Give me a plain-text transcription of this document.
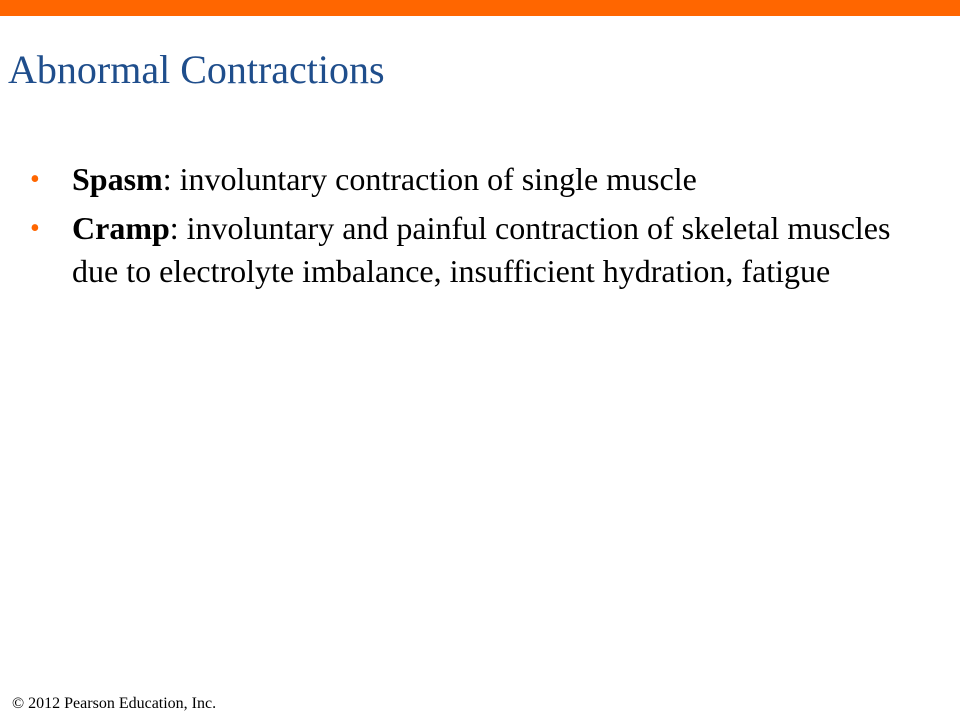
Abnormal Contractions
• Spasm: involuntary contraction of single muscle
• Cramp: involuntary and painful contraction of skeletal muscles due to electrolyte imbalance, insufficient hydration, fatigue
© 2012 Pearson Education, Inc.
